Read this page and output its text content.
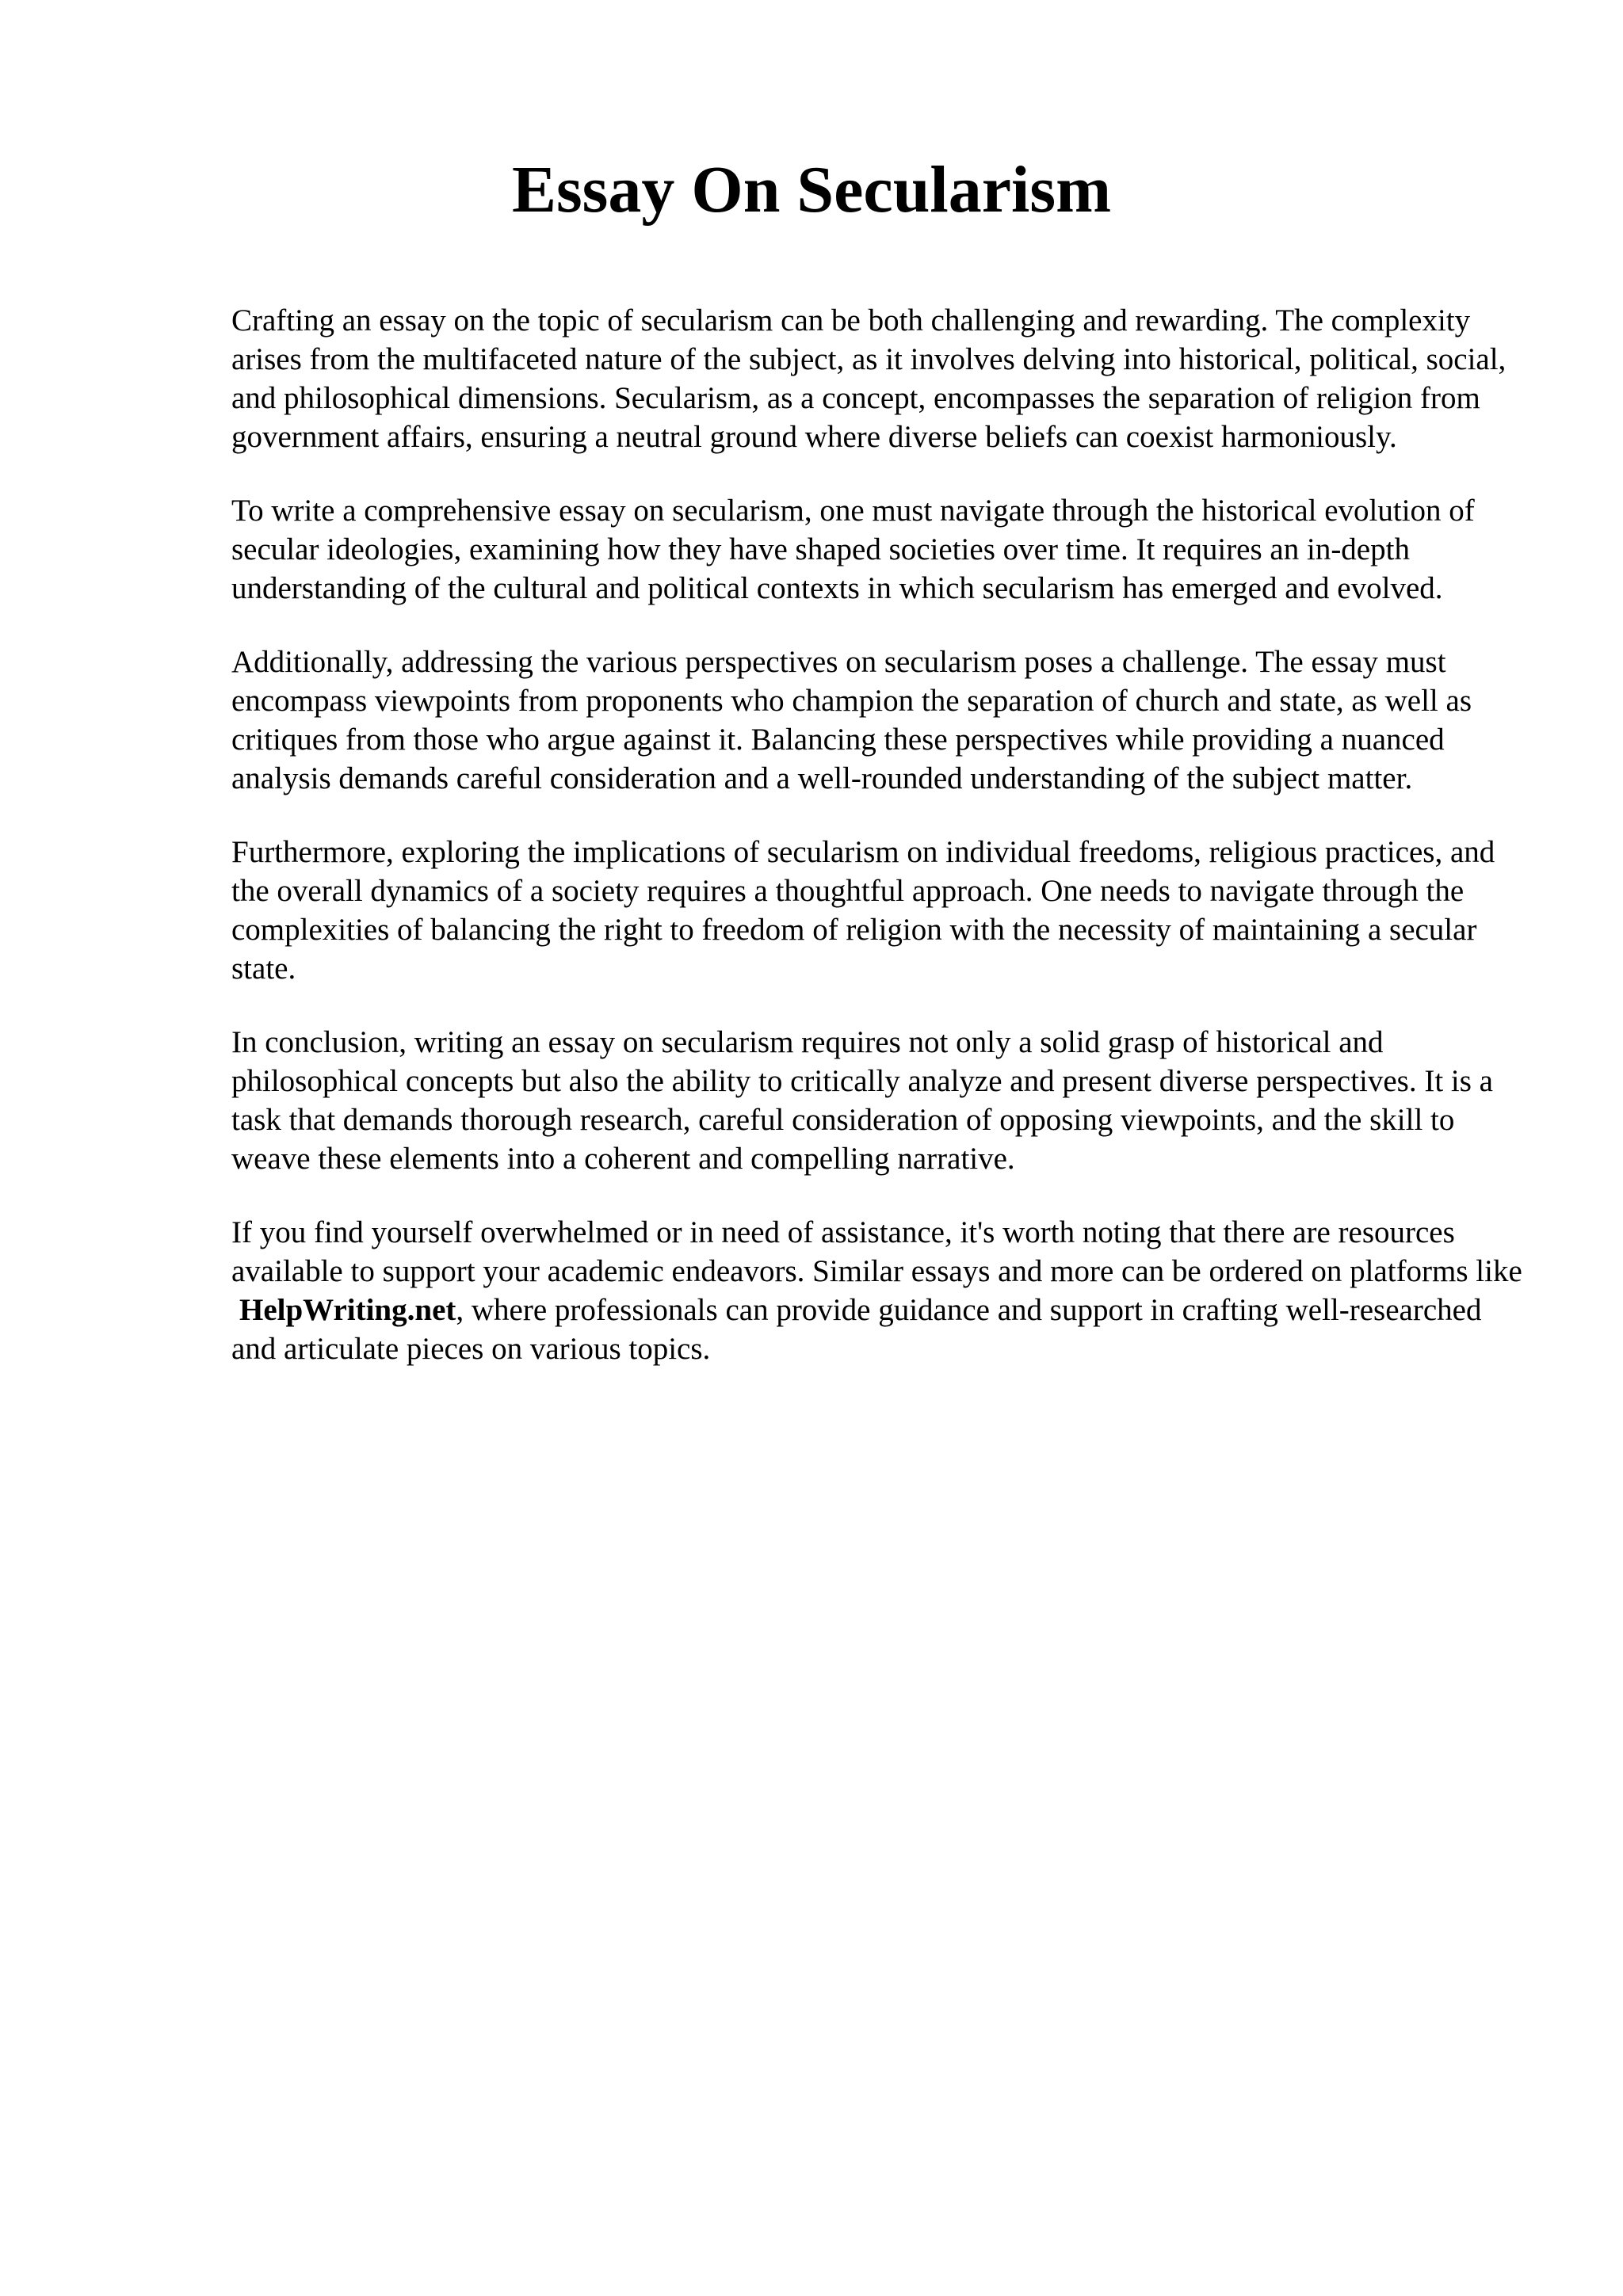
Essay On Secularism

Crafting an essay on the topic of secularism can be both challenging and rewarding. The complexity arises from the multifaceted nature of the subject, as it involves delving into historical, political, social, and philosophical dimensions. Secularism, as a concept, encompasses the separation of religion from government affairs, ensuring a neutral ground where diverse beliefs can coexist harmoniously.

To write a comprehensive essay on secularism, one must navigate through the historical evolution of secular ideologies, examining how they have shaped societies over time. It requires an in-depth understanding of the cultural and political contexts in which secularism has emerged and evolved.

Additionally, addressing the various perspectives on secularism poses a challenge. The essay must encompass viewpoints from proponents who champion the separation of church and state, as well as critiques from those who argue against it. Balancing these perspectives while providing a nuanced analysis demands careful consideration and a well-rounded understanding of the subject matter.

Furthermore, exploring the implications of secularism on individual freedoms, religious practices, and the overall dynamics of a society requires a thoughtful approach. One needs to navigate through the complexities of balancing the right to freedom of religion with the necessity of maintaining a secular state.

In conclusion, writing an essay on secularism requires not only a solid grasp of historical and philosophical concepts but also the ability to critically analyze and present diverse perspectives. It is a task that demands thorough research, careful consideration of opposing viewpoints, and the skill to weave these elements into a coherent and compelling narrative.

If you find yourself overwhelmed or in need of assistance, it's worth noting that there are resources available to support your academic endeavors. Similar essays and more can be ordered on platforms like HelpWriting.net, where professionals can provide guidance and support in crafting well-researched and articulate pieces on various topics.
